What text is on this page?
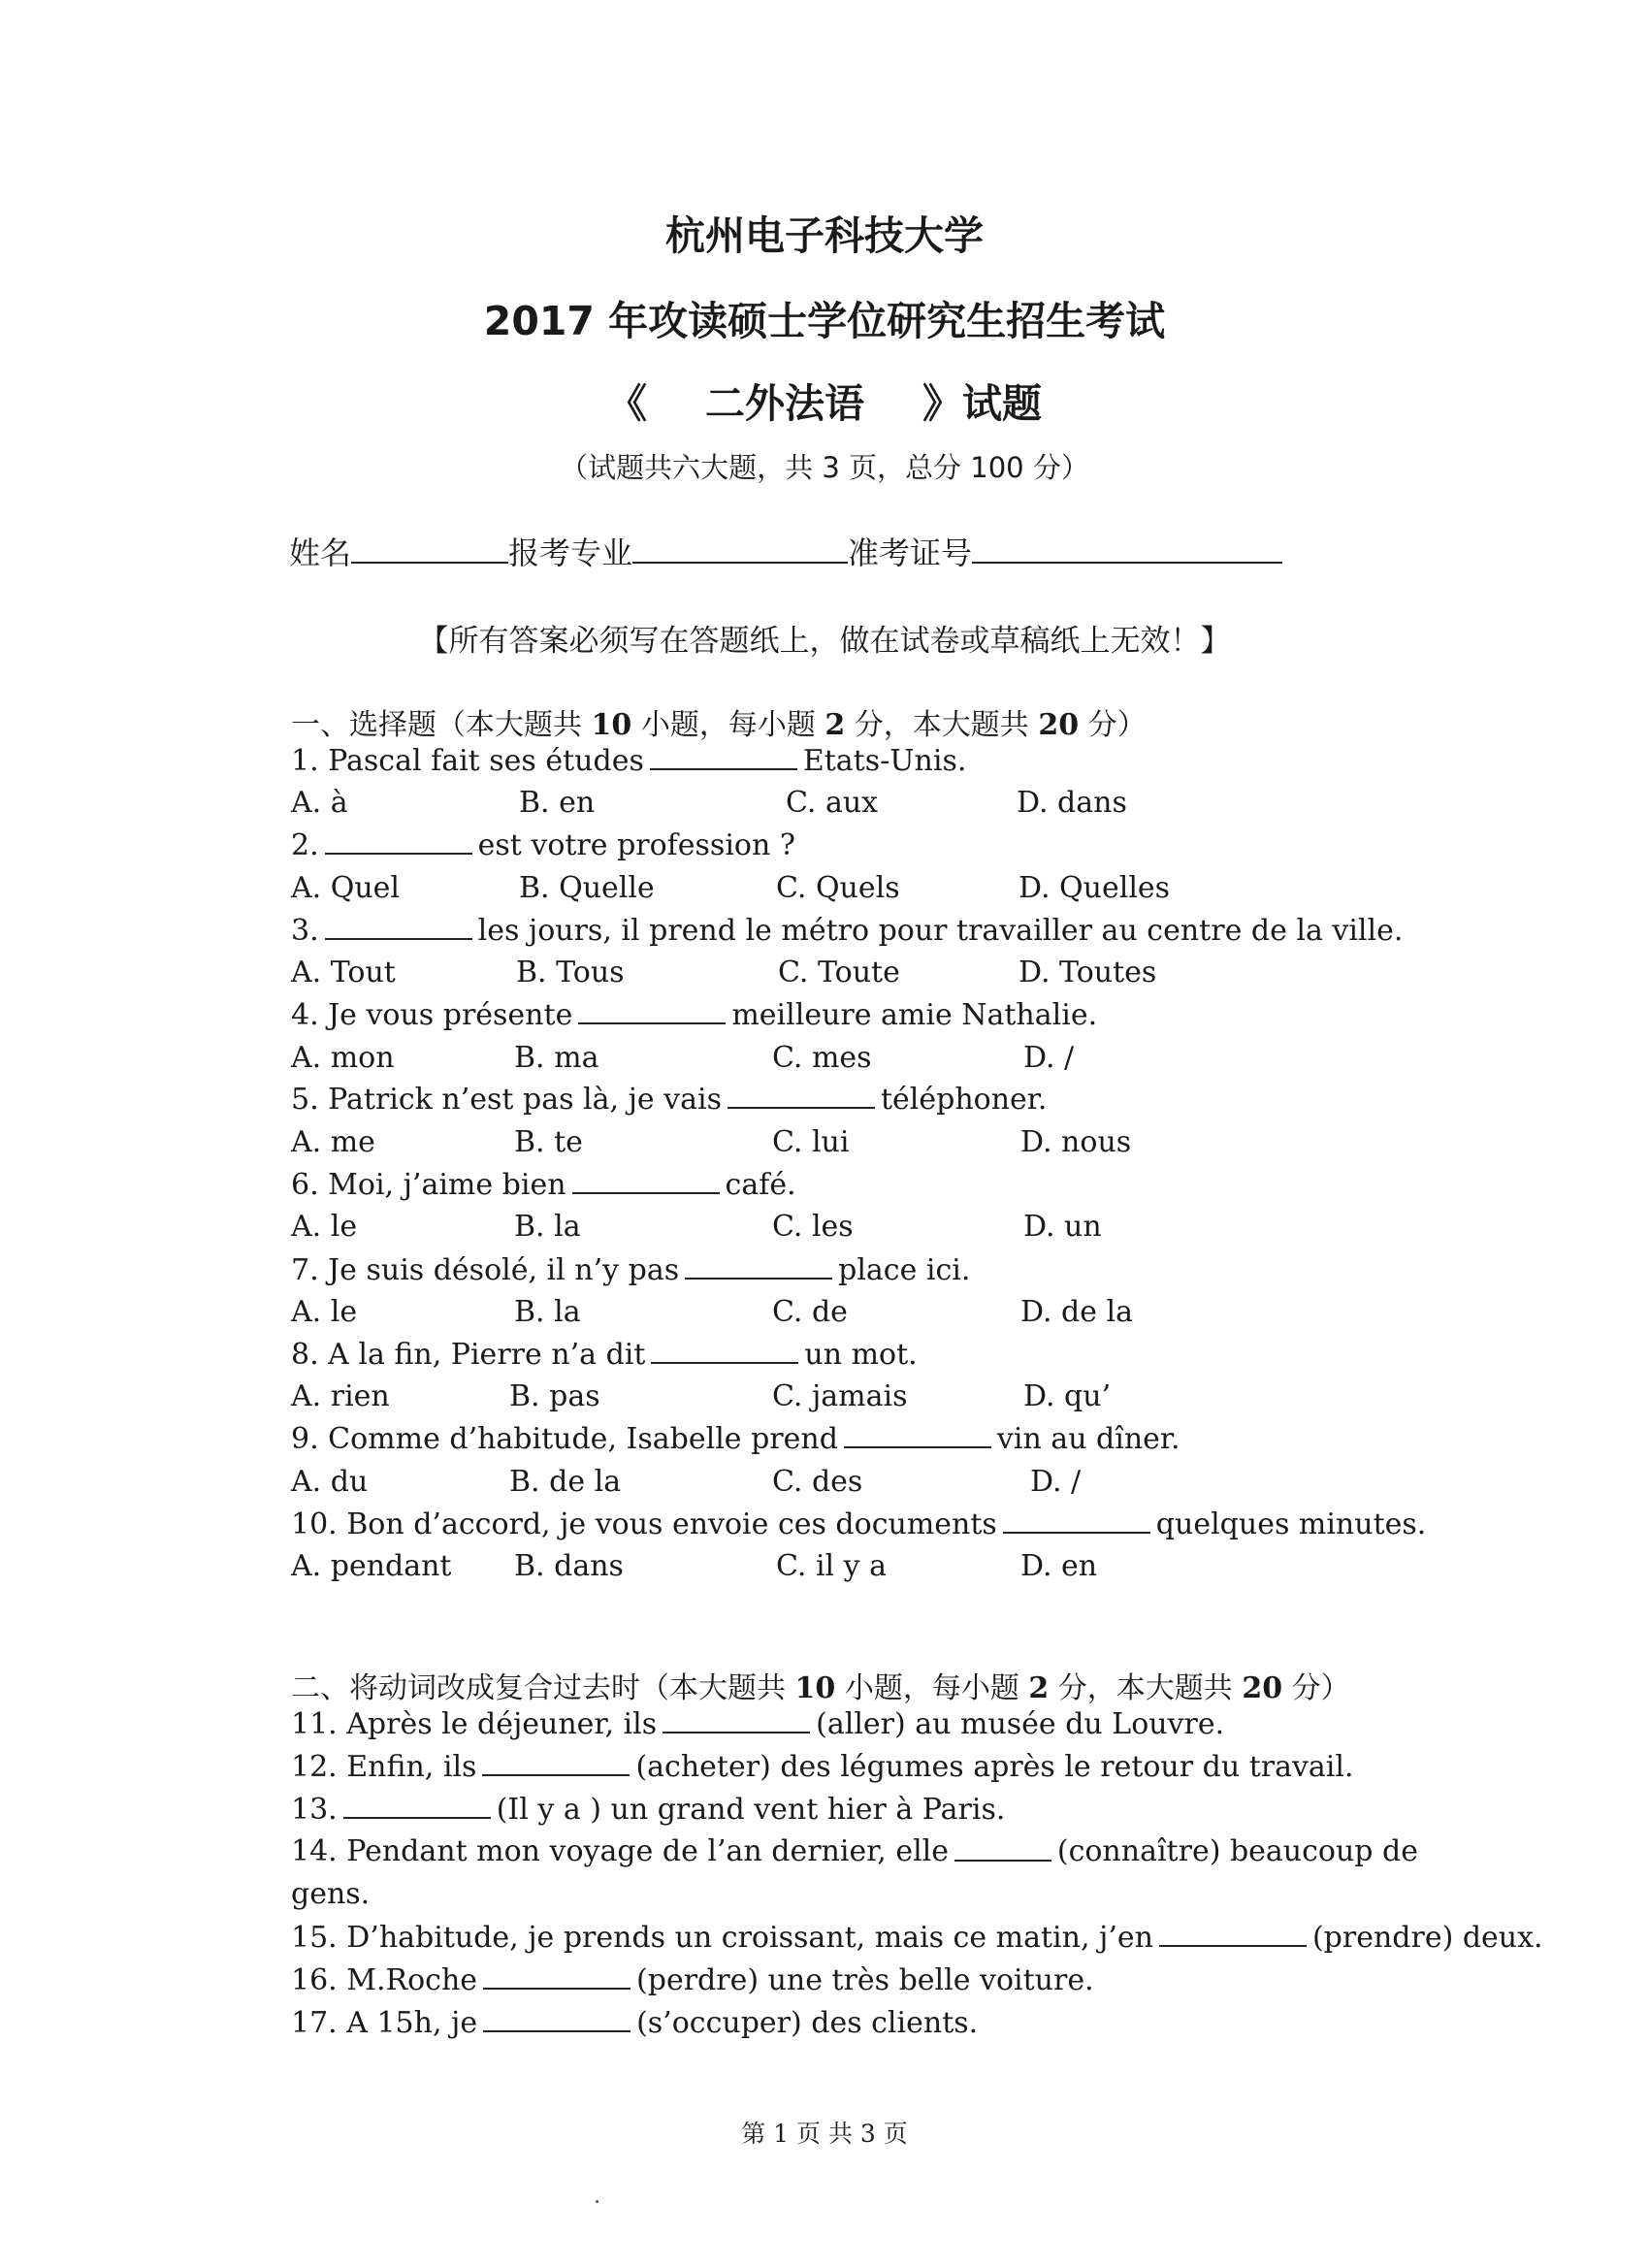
杭州电子科技大学
2017 年攻读硕士学位研究生招生考试
《 二外法语 》试题
（试题共六大题，共 3 页，总分 100 分）
姓名	报考专业	准考证号
【所有答案必须写在答题纸上，做在试卷或草稿纸上无效！】
一、选择题（本大题共 10 小题，每小题 2 分，本大题共 20 分）
1. Pascal fait ses études	Etats-Unis.
A. à	B. en	C. aux	D. dans
2.	est votre profession ?
A. Quel	B. Quelle	C. Quels	D. Quelles
3.	les jours, il prend le métro pour travailler au centre de la ville.
A. Tout	B. Tous	C. Toute	D. Toutes
4. Je vous présente	meilleure amie Nathalie.
A. mon	B. ma	C. mes	D. /
5. Patrick n’est pas là, je vais	téléphoner.
A. me	B. te	C. lui	D. nous
6. Moi, j’aime bien	café.
A. le	B. la	C. les	D. un
7. Je suis désolé, il n’y pas	place ici.
A. le	B. la	C. de	D. de la
8. A la fin, Pierre n’a dit	un mot.
A. rien	B. pas	C. jamais	D. qu’
9. Comme d’habitude, Isabelle prend	vin au dîner.
A. du	B. de la	C. des	D. /
10. Bon d’accord, je vous envoie ces documents	quelques minutes.
A. pendant B. dans	C. il y a	D. en
二、将动词改成复合过去时（本大题共 10 小题，每小题 2 分，本大题共 20 分）
11. Après le déjeuner, ils	(aller) au musée du Louvre.
12. Enfin, ils	(acheter) des légumes après le retour du travail.
13.	(Il y a ) un grand vent hier à Paris.
14. Pendant mon voyage de l’an dernier, elle	(connaître) beaucoup de
gens.
15. D’habitude, je prends un croissant, mais ce matin, j’en	(prendre) deux.
16. M.Roche	(perdre) une très belle voiture.
17. A 15h, je	(s’occuper) des clients.
第 1 页 共 3 页
